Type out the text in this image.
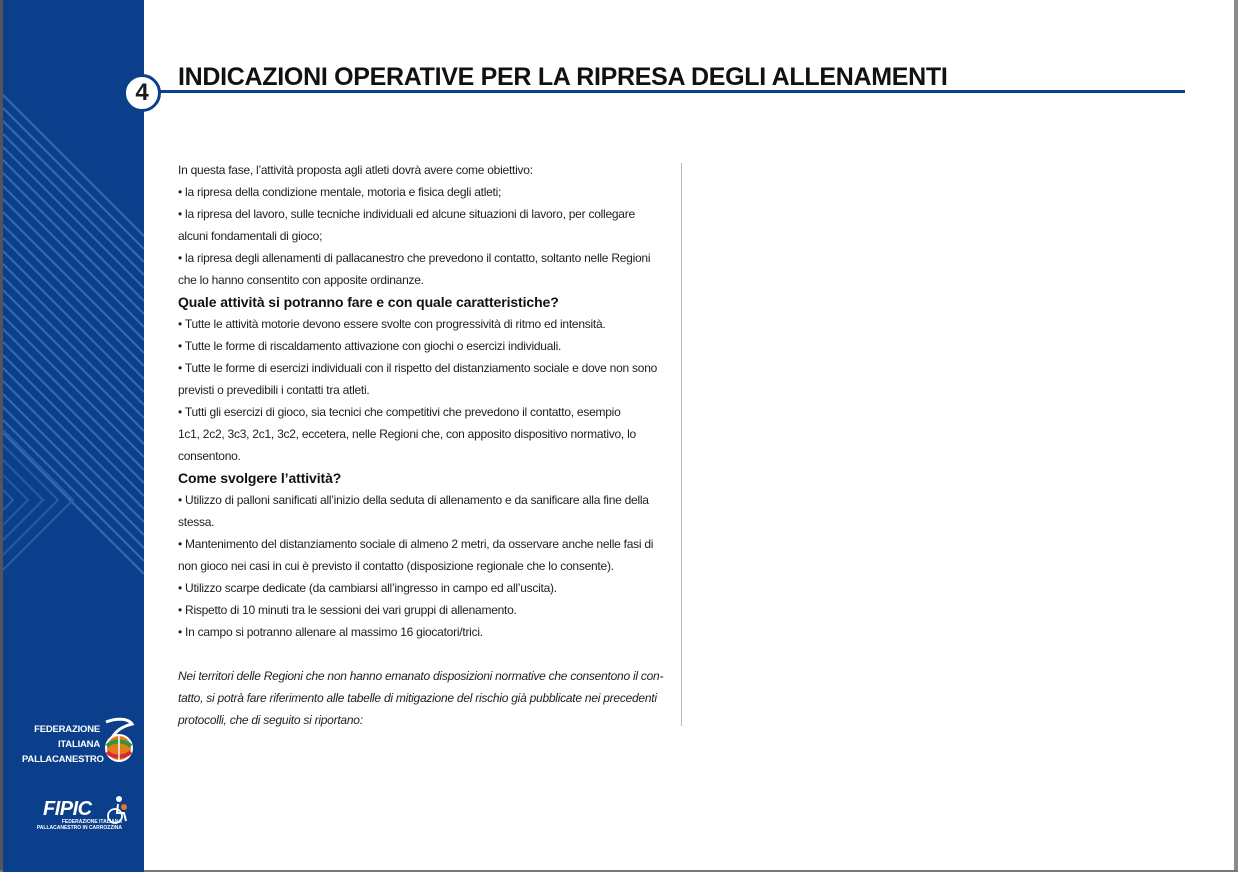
4
INDICAZIONI OPERATIVE PER LA RIPRESA DEGLI ALLENAMENTI

In questa fase, l’attività proposta agli atleti dovrà avere come obiettivo:

• la ripresa della condizione mentale, motoria e fisica degli atleti;

• la ripresa del lavoro, sulle tecniche individuali ed alcune situazioni di lavoro, per collegare

alcuni fondamentali di gioco;

• la ripresa degli allenamenti di pallacanestro che prevedono il contatto, soltanto nelle Regioni

che lo hanno consentito con apposite ordinanze.

Quale attività si potranno fare e con quale caratteristiche?

• Tutte le attività motorie devono essere svolte con progressività di ritmo ed intensità.

• Tutte le forme di riscaldamento attivazione con giochi o esercizi individuali.

• Tutte le forme di esercizi individuali con il rispetto del distanziamento sociale e dove non sono

previsti o prevedibili i contatti tra atleti.

• Tutti gli esercizi di gioco, sia tecnici che competitivi che prevedono il contatto, esempio

1c1, 2c2, 3c3, 2c1, 3c2, eccetera, nelle Regioni che, con apposito dispositivo normativo, lo

consentono.

Come svolgere l’attività?

• Utilizzo di palloni sanificati all’inizio della seduta di allenamento e da sanificare alla fine della

stessa.

• Mantenimento del distanziamento sociale di almeno 2 metri, da osservare anche nelle fasi di

non gioco nei casi in cui è previsto il contatto (disposizione regionale che lo consente).

• Utilizzo scarpe dedicate (da cambiarsi all’ingresso in campo ed all’uscita).

• Rispetto di 10 minuti tra le sessioni dei vari gruppi di allenamento.

• In campo si potranno allenare al massimo 16 giocatori/trici.

Nei territori delle Regioni che non hanno emanato disposizioni normative che consentono il con-

tatto, si potrà fare riferimento alle tabelle di mitigazione del rischio già pubblicate nei precedenti

protocolli, che di seguito si riportano:

FEDERAZIONE
ITALIANA
PALLACANESTRO
FIPIC
FEDERAZIONE ITALIANA
PALLACANESTRO IN CARROZZINA
